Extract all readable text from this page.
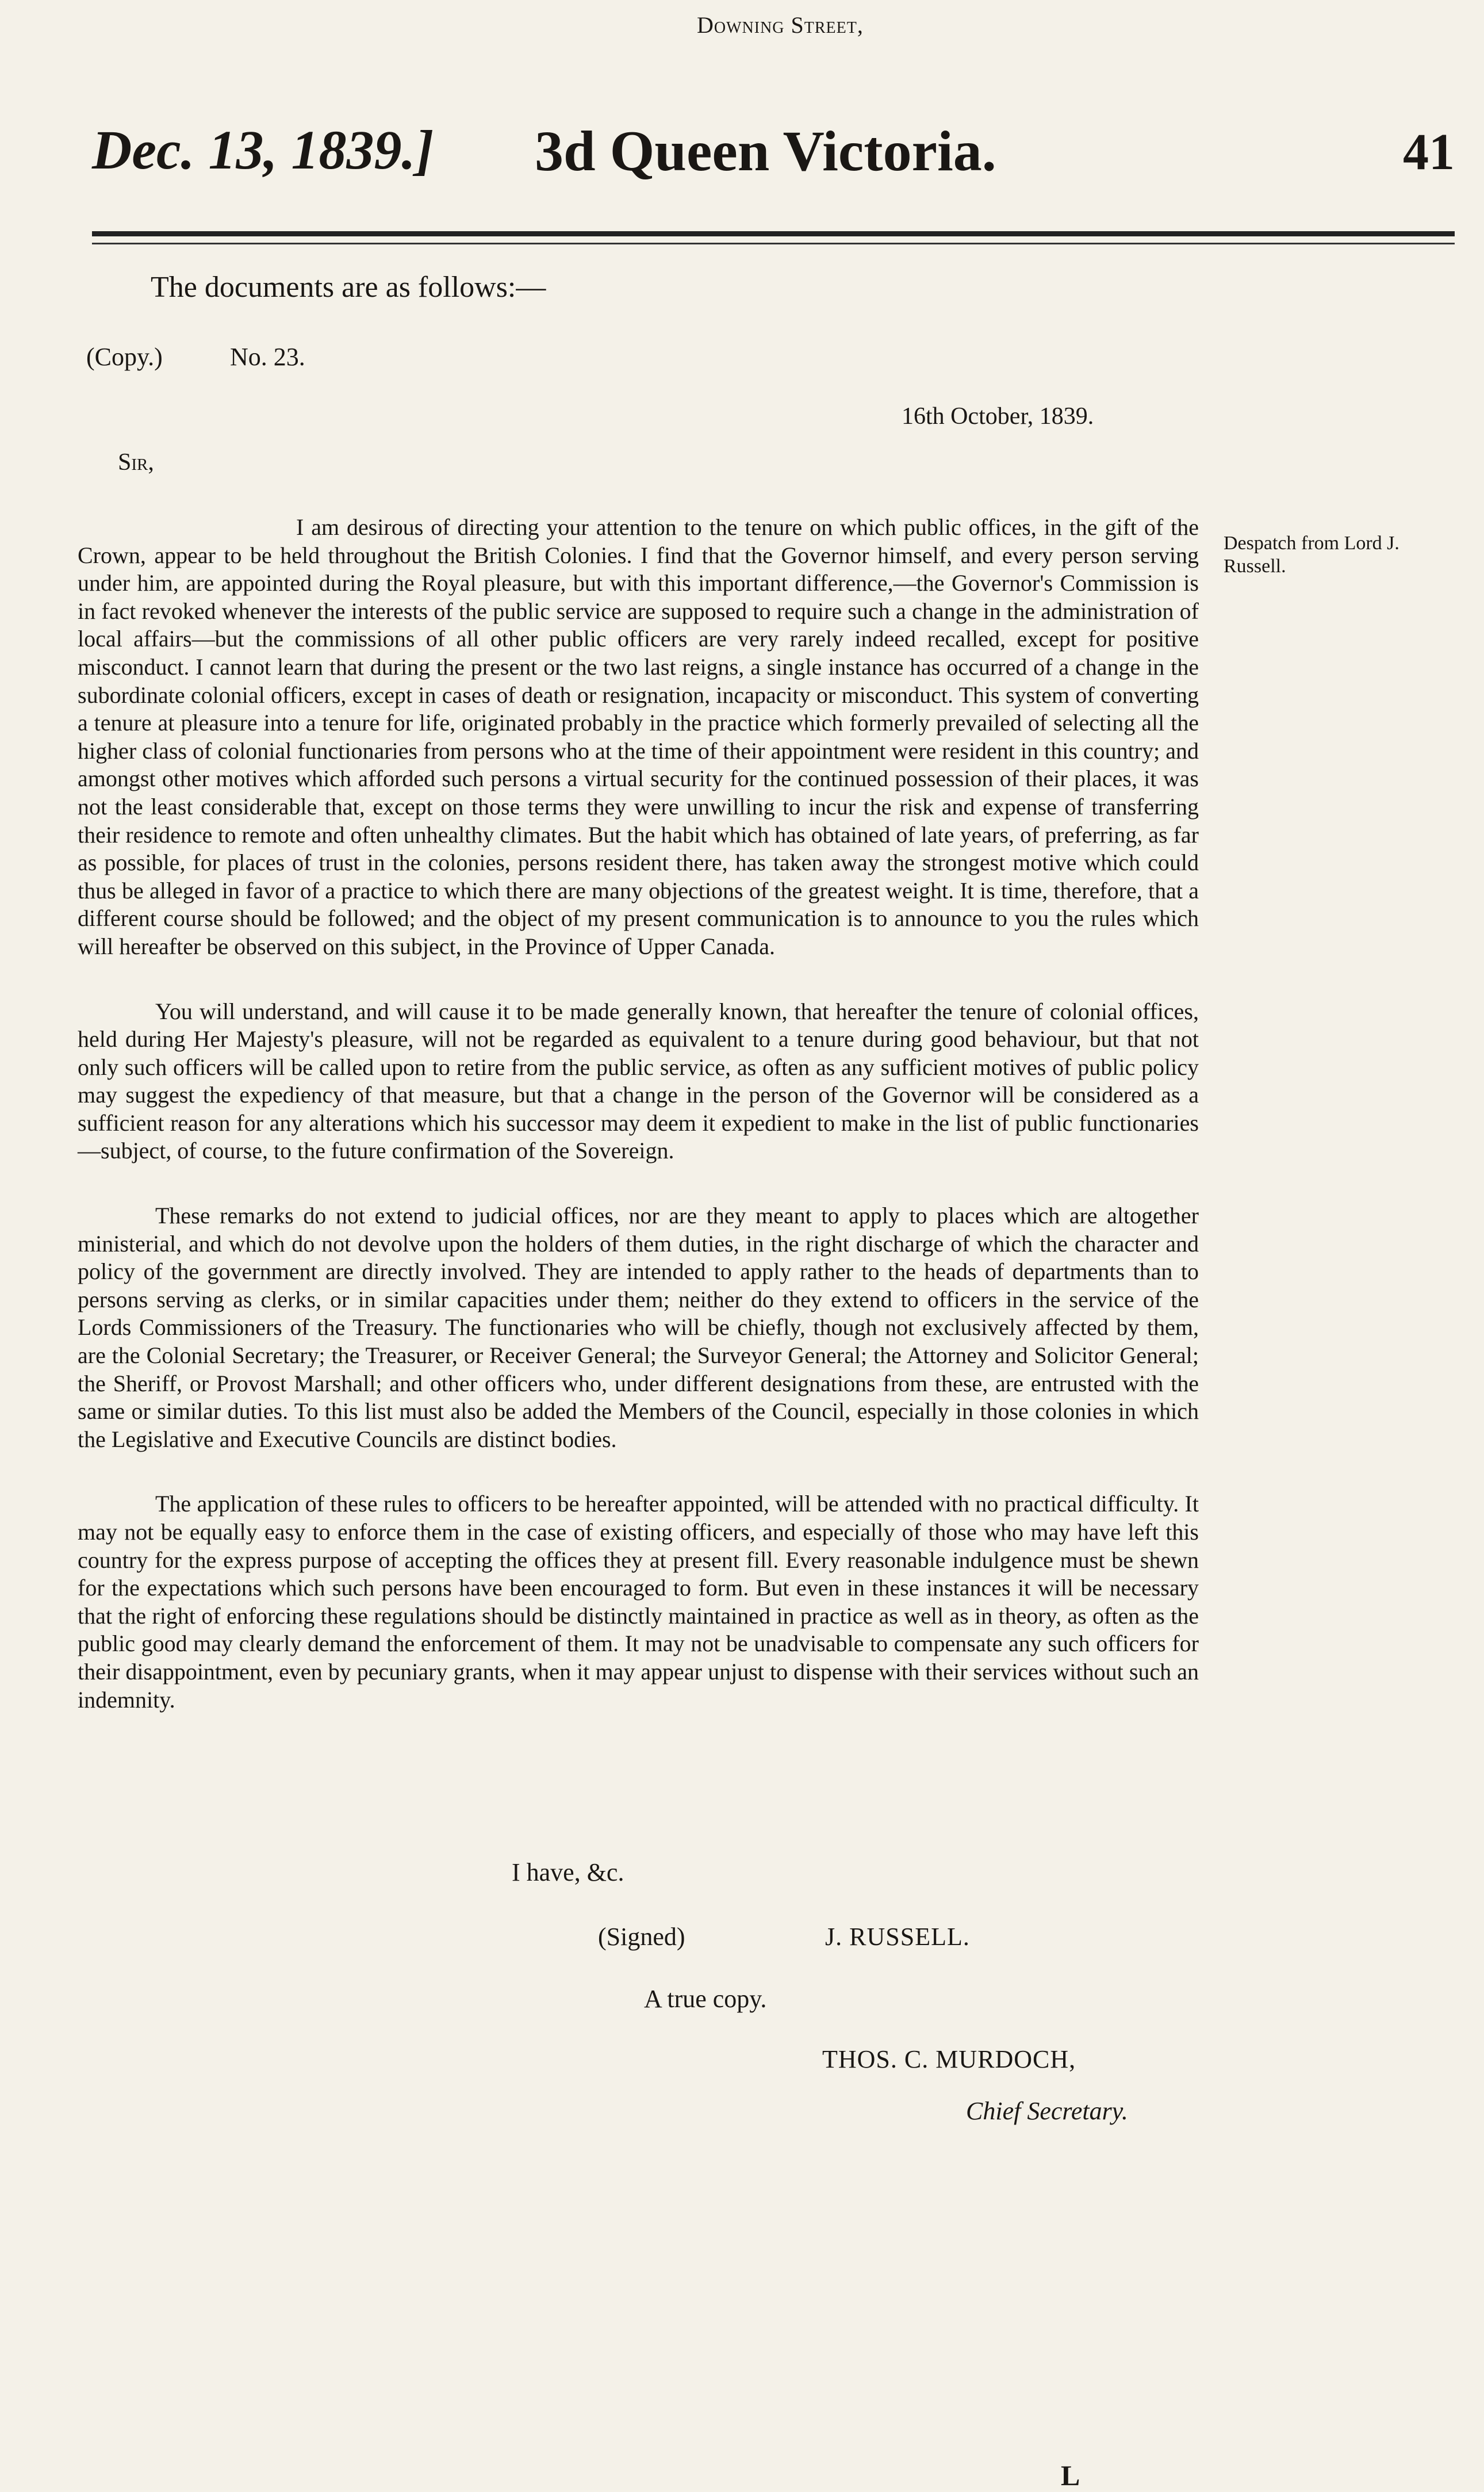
Dec. 13, 1839.] 3d Queen Victoria.	41
The documents are as follows:—
(Copy.)	No. 23.
Downing Street,
16th October, 1839.
Sir,
Despatch from Lord J. Russell.

I am desirous of directing your attention to the tenure on which public offices, in the gift of the Crown, appear to be held throughout the British Colonies. I find that the Governor himself, and every person serving under him, are appointed during the Royal pleasure, but with this important difference,—the Governor's Commission is in fact revoked whenever the interests of the public service are supposed to require such a change in the administration of local affairs—but the commissions of all other public officers are very rarely indeed recalled, except for positive misconduct. I cannot learn that during the present or the two last reigns, a single instance has occurred of a change in the subordinate colonial officers, except in cases of death or resignation, incapacity or misconduct. This system of converting a tenure at pleasure into a tenure for life, originated probably in the practice which formerly prevailed of selecting all the higher class of colonial functionaries from persons who at the time of their appointment were resident in this country; and amongst other motives which afforded such persons a virtual security for the continued possession of their places, it was not the least considerable that, except on those terms they were unwilling to incur the risk and expense of transferring their residence to remote and often unhealthy climates. But the habit which has obtained of late years, of preferring, as far as possible, for places of trust in the colonies, persons resident there, has taken away the strongest motive which could thus be alleged in favor of a practice to which there are many objections of the greatest weight. It is time, therefore, that a different course should be followed; and the object of my present communication is to announce to you the rules which will hereafter be observed on this subject, in the Province of Upper Canada.

You will understand, and will cause it to be made generally known, that hereafter the tenure of colonial offices, held during Her Majesty's pleasure, will not be regarded as equivalent to a tenure during good behaviour, but that not only such officers will be called upon to retire from the public service, as often as any sufficient motives of public policy may suggest the expediency of that measure, but that a change in the person of the Governor will be considered as a sufficient reason for any alterations which his successor may deem it expedient to make in the list of public functionaries —subject, of course, to the future confirmation of the Sovereign.

These remarks do not extend to judicial offices, nor are they meant to apply to places which are altogether ministerial, and which do not devolve upon the holders of them duties, in the right discharge of which the character and policy of the government are directly involved. They are intended to apply rather to the heads of departments than to persons serving as clerks, or in similar capacities under them; neither do they extend to officers in the service of the Lords Commissioners of the Treasury. The functionaries who will be chiefly, though not exclusively affected by them, are the Colonial Secretary; the Treasurer, or Receiver General; the Surveyor General; the Attorney and Solicitor General; the Sheriff, or Provost Marshall; and other officers who, under different designations from these, are entrusted with the same or similar duties. To this list must also be added the Members of the Council, especially in those colonies in which the Legislative and Executive Councils are distinct bodies.

The application of these rules to officers to be hereafter appointed, will be attended with no practical difficulty. It may not be equally easy to enforce them in the case of existing officers, and especially of those who may have left this country for the express purpose of accepting the offices they at present fill. Every reasonable indulgence must be shewn for the expectations which such persons have been encouraged to form. But even in these instances it will be necessary that the right of enforcing these regulations should be distinctly maintained in practice as well as in theory, as often as the public good may clearly demand the enforcement of them. It may not be unadvisable to compensate any such officers for their disappointment, even by pecuniary grants, when it may appear unjust to dispense with their services without such an indemnity.

I have, &c.
(Signed)	J. RUSSELL.
A true copy.
THOS. C. MURDOCH,
Chief Secretary.
L
